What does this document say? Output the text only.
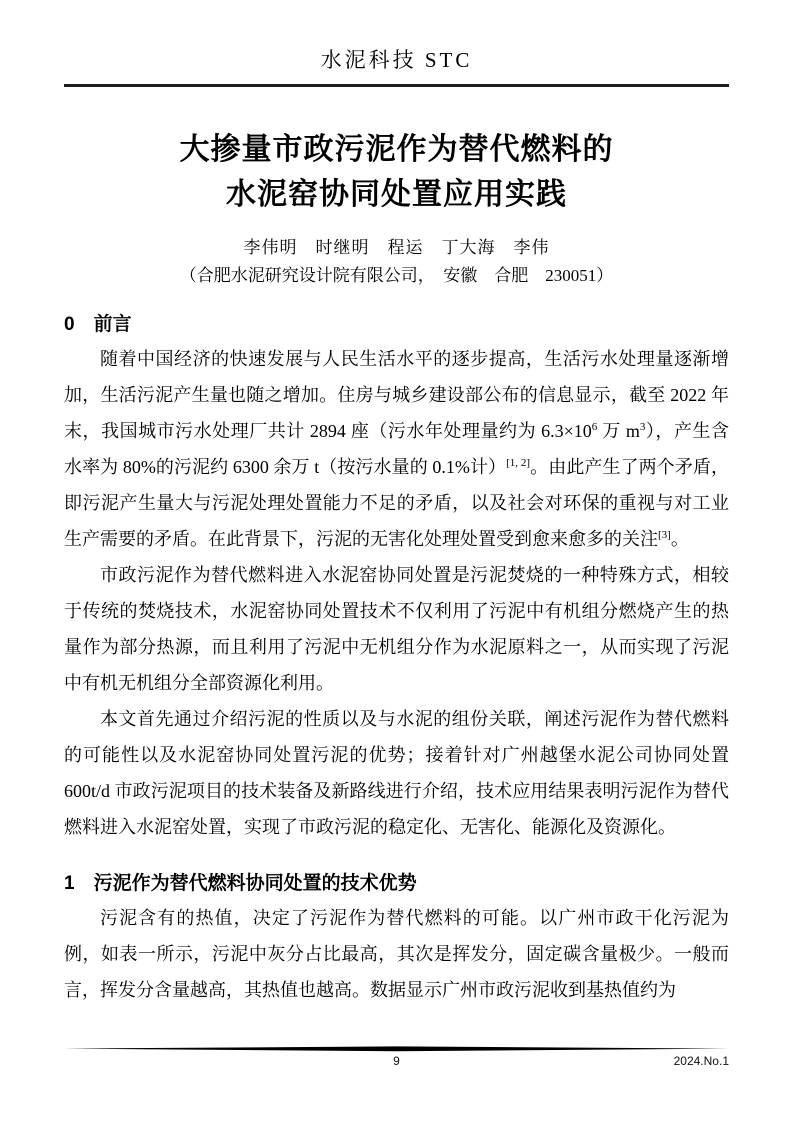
水泥科技 STC
大掺量市政污泥作为替代燃料的
水泥窑协同处置应用实践
李伟明　时继明　程运　丁大海　李伟
（合肥水泥研究设计院有限公司，　安徽　合肥　230051）
0　前言

随着中国经济的快速发展与人民生活水平的逐步提高，生活污水处理量逐渐增加，生活污泥产生量也随之增加。住房与城乡建设部公布的信息显示，截至 2022 年末，我国城市污水处理厂共计 2894 座（污水年处理量约为 $6.3\times 10^6$ 万 $m^3$），产生含水率为 80%的污泥约 6300 余万 t（按污水量的 0.1%计）[1, 2]。由此产生了两个矛盾，即污泥产生量大与污泥处理处置能力不足的矛盾，以及社会对环保的重视与对工业生产需要的矛盾。在此背景下，污泥的无害化处理处置受到愈来愈多的关注[3]。

市政污泥作为替代燃料进入水泥窑协同处置是污泥焚烧的一种特殊方式，相较于传统的焚烧技术，水泥窑协同处置技术不仅利用了污泥中有机组分燃烧产生的热量作为部分热源，而且利用了污泥中无机组分作为水泥原料之一，从而实现了污泥中有机无机组分全部资源化利用。

本文首先通过介绍污泥的性质以及与水泥的组份关联，阐述污泥作为替代燃料的可能性以及水泥窑协同处置污泥的优势；接着针对广州越堡水泥公司协同处置 600t/d 市政污泥项目的技术装备及新路线进行介绍，技术应用结果表明污泥作为替代燃料进入水泥窑处置，实现了市政污泥的稳定化、无害化、能源化及资源化。

1　污泥作为替代燃料协同处置的技术优势

污泥含有的热值，决定了污泥作为替代燃料的可能。以广州市政干化污泥为例，如表一所示，污泥中灰分占比最高，其次是挥发分，固定碳含量极少。一般而言，挥发分含量越高，其热值也越高。数据显示广州市政污泥收到基热值约为

9	2024.No.1
